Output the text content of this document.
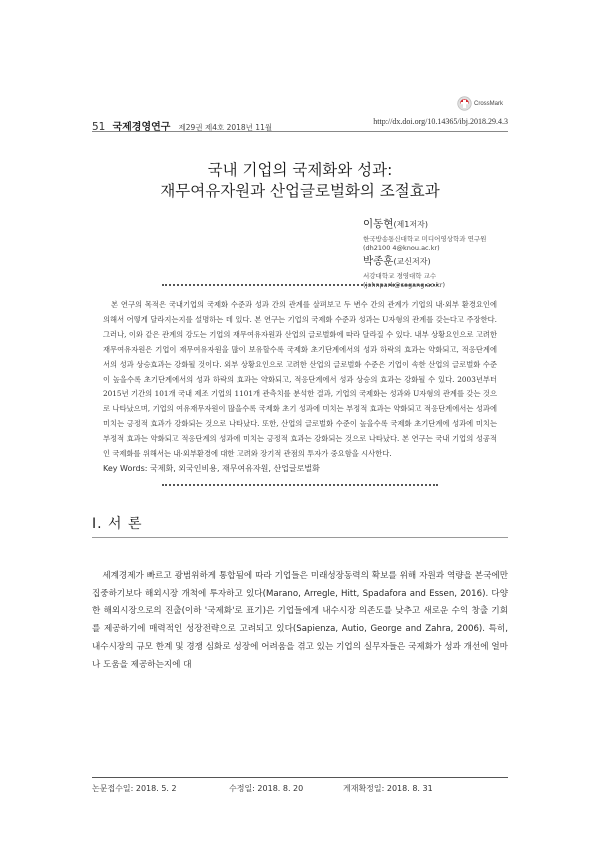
CrossMark
51 국제경영연구 제29권 제4호 2018년 11월
http://dx.doi.org/10.14365/ibj.2018.29.4.3
국내 기업의 국제화와 성과:
재무여유자원과 산업글로벌화의 조절효과
이동현(제1저자)
한국방송통신대학교 미디어영상학과 연구원
(dh2100 4@knou.ac.kr)
박종훈(교신저자)
서강대학교 경영대학 교수
(johnpark@sogang.ac.kr)
본 연구의 목적은 국내기업의 국제화 수준과 성과 간의 관계를 살펴보고 두 변수 간의 관계가 기업의 내·외부 환경요인에 의해서 어떻게 달라지는지를 설명하는 데 있다. 본 연구는 기업의 국제화 수준과 성과는 U자형의 관계를 갖는다고 주장한다. 그러나, 이와 같은 관계의 강도는 기업의 재무여유자원과 산업의 글로벌화에 따라 달라질 수 있다. 내부 상황요인으로 고려한 재무여유자원은 기업이 재무여유자원을 많이 보유할수록 국제화 초기단계에서의 성과 하락의 효과는 약화되고, 적응단계에서의 성과 상승효과는 강화될 것이다. 외부 상황요인으로 고려한 산업의 글로벌화 수준은 기업이 속한 산업의 글로벌화 수준이 높을수록 초기단계에서의 성과 하락의 효과는 약화되고, 적응단계에서 성과 상승의 효과는 강화될 수 있다. 2003년부터 2015년 기간의 101개 국내 제조 기업의 1101개 관측치를 분석한 결과, 기업의 국제화는 성과와 U자형의 관계를 갖는 것으로 나타났으며, 기업의 여유재무자원이 많을수록 국제화 초기 성과에 미치는 부정적 효과는 약화되고 적응단계에서는 성과에 미치는 긍정적 효과가 강화되는 것으로 나타났다. 또한, 산업의 글로벌화 수준이 높을수록 국제화 초기단계에 성과에 미치는 부정적 효과는 약화되고 적응단계의 성과에 미치는 긍정적 효과는 강화되는 것으로 나타났다. 본 연구는 국내 기업의 성공적인 국제화를 위해서는 내·외부환경에 대한 고려와 장기적 관점의 투자가 중요함을 시사한다.
Key Words: 국제화, 외국인비용, 재무여유자원, 산업글로벌화
Ⅰ. 서 론
세계경제가 빠르고 광범위하게 통합됨에 따라 기업들은 미래성장동력의 확보를 위해 자원과 역량을 본국에만 집중하기보다 해외시장 개척에 투자하고 있다(Marano, Arregle, Hitt, Spadafora and Essen, 2016). 다양한 해외시장으로의 진출(이하 '국제화'로 표기)은 기업들에게 내수시장 의존도를 낮추고 새로운 수익 창출 기회를 제공하기에 매력적인 성장전략으로 고려되고 있다(Sapienza, Autio, George and Zahra, 2006). 특히, 내수시장의 규모 한계 및 경쟁 심화로 성장에 어려움을 겪고 있는 기업의 실무자들은 국제화가 성과 개선에 얼마나 도움을 제공하는지에 대
논문접수일: 2018. 5. 2	수정일: 2018. 8. 20	게재확정일: 2018. 8. 31
